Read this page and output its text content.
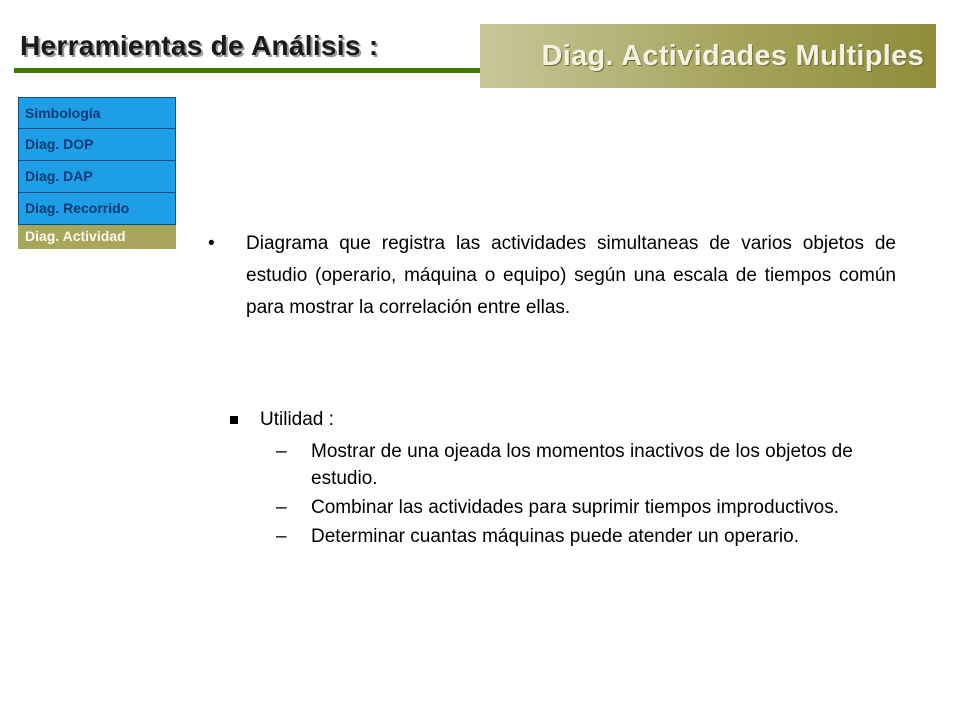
Herramientas de Análisis :	Diag. Actividades Multiples
Simbología
Diag. DOP
Diag. DAP
Diag. Recorrido
Diag. Actividad	•	Diagrama que registra las actividades simultaneas de varios objetos de estudio (operario, máquina o equipo) según una escala de tiempos común para mostrar la correlación entre ellas.
Utilidad :
–	Mostrar de una ojeada los momentos inactivos de los objetos de estudio.
–	Combinar las actividades para suprimir tiempos improductivos.
–	Determinar cuantas máquinas puede atender un operario.
